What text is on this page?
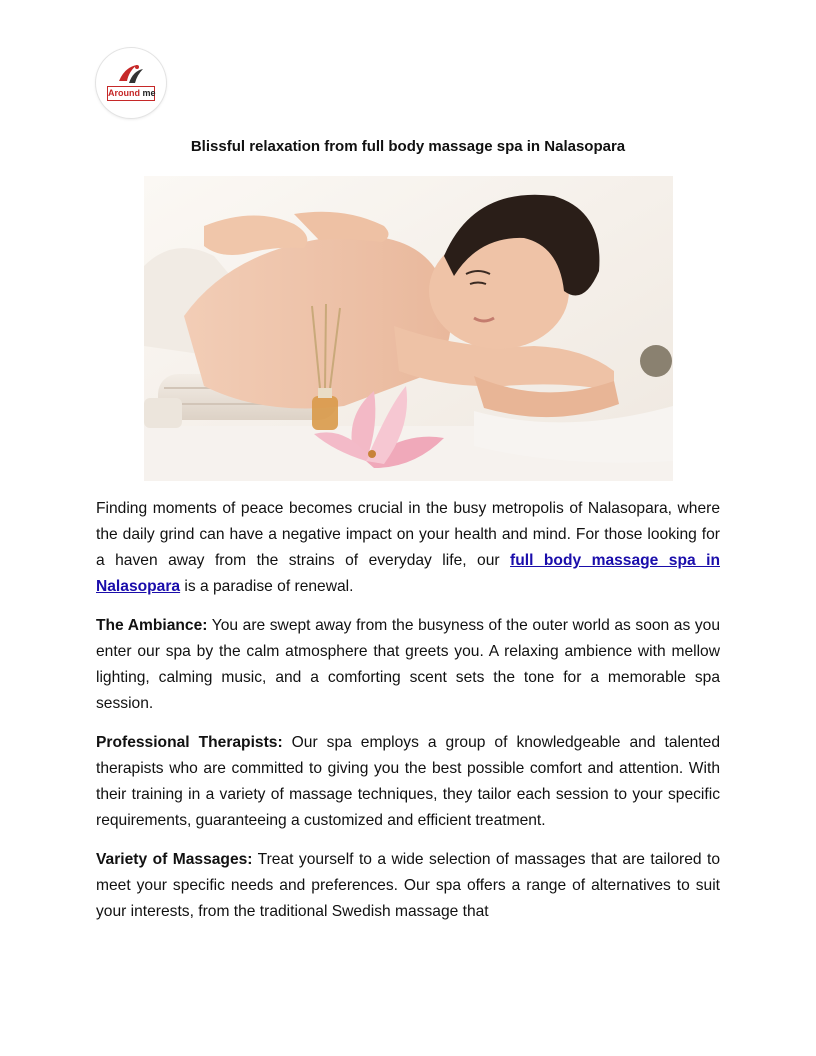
Around me
Blissful relaxation from full body massage spa in Nalasopara

Finding moments of peace becomes crucial in the busy metropolis of Nalasopara, where the daily grind can have a negative impact on your health and mind. For those looking for a haven away from the strains of everyday life, our full body massage spa in Nalasopara is a paradise of renewal.

The Ambiance: You are swept away from the busyness of the outer world as soon as you enter our spa by the calm atmosphere that greets you. A relaxing ambience with mellow lighting, calming music, and a comforting scent sets the tone for a memorable spa session.

Professional Therapists: Our spa employs a group of knowledgeable and talented therapists who are committed to giving you the best possible comfort and attention. With their training in a variety of massage techniques, they tailor each session to your specific requirements, guaranteeing a customized and efficient treatment.

Variety of Massages: Treat yourself to a wide selection of massages that are tailored to meet your specific needs and preferences. Our spa offers a range of alternatives to suit your interests, from the traditional Swedish massage that
